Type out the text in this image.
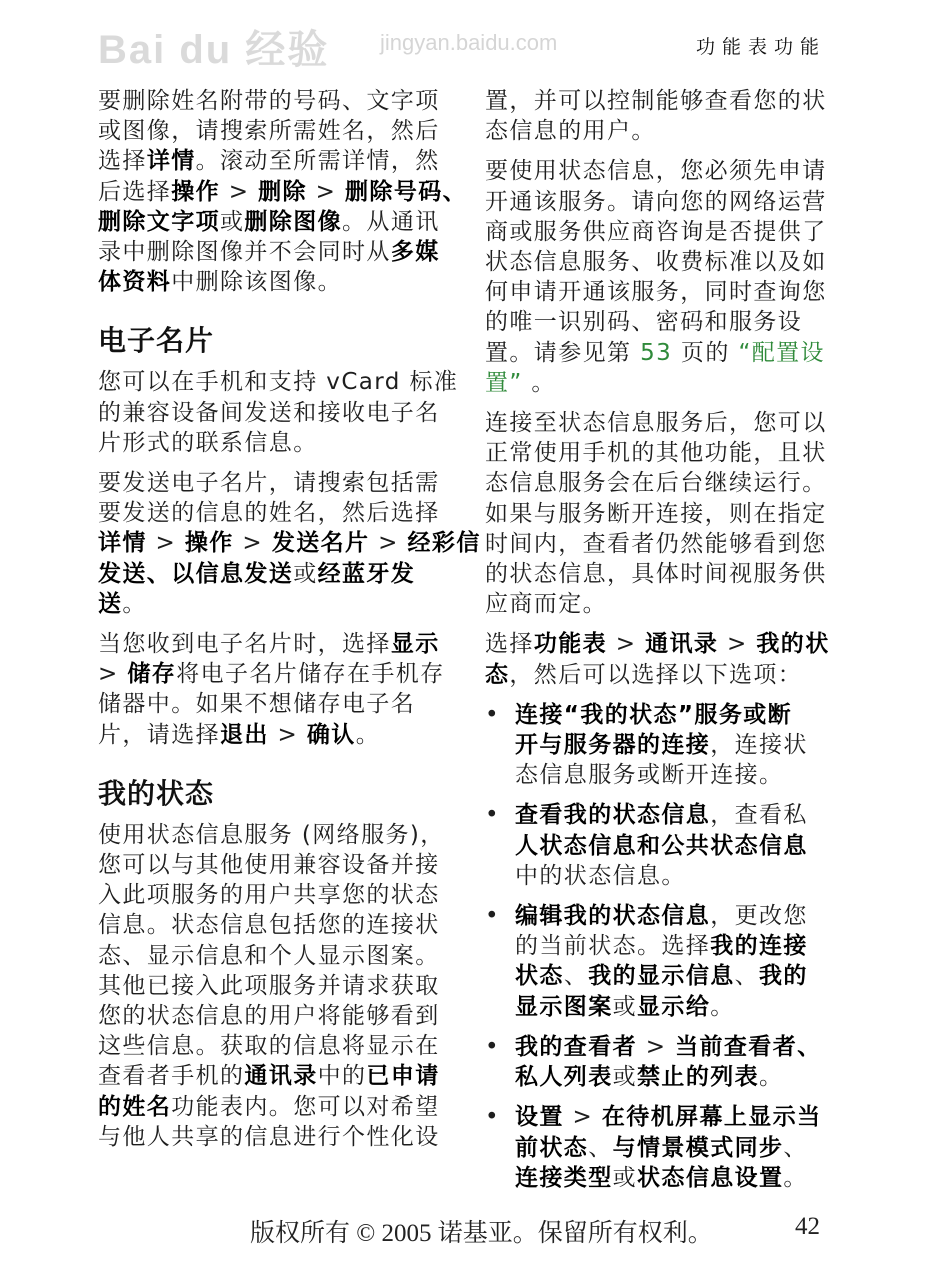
功能表功能
要删除姓名附带的号码、文字项
或图像，请搜索所需姓名，然后
选择详情。滚动至所需详情，然
后选择操作 > 删除 > 删除号码、
删除文字项或删除图像。从通讯
录中删除图像并不会同时从多媒
体资料中删除该图像。
电子名片
您可以在手机和支持 vCard 标准
的兼容设备间发送和接收电子名
片形式的联系信息。
要发送电子名片，请搜索包括需
要发送的信息的姓名，然后选择
详情 > 操作 > 发送名片 > 经彩信
发送、以信息发送或经蓝牙发
送。
当您收到电子名片时，选择显示
> 储存将电子名片储存在手机存
储器中。如果不想储存电子名
片，请选择退出 > 确认。
我的状态
使用状态信息服务 (网络服务)，
您可以与其他使用兼容设备并接
入此项服务的用户共享您的状态
信息。状态信息包括您的连接状
态、显示信息和个人显示图案。
其他已接入此项服务并请求获取
您的状态信息的用户将能够看到
这些信息。获取的信息将显示在
查看者手机的通讯录中的已申请
的姓名功能表内。您可以对希望
与他人共享的信息进行个性化设
置，并可以控制能够查看您的状
态信息的用户。
要使用状态信息，您必须先申请
开通该服务。请向您的网络运营
商或服务供应商咨询是否提供了
状态信息服务、收费标准以及如
何申请开通该服务，同时查询您
的唯一识别码、密码和服务设
置。请参见第 53 页的 “配置设
置” 。
连接至状态信息服务后，您可以
正常使用手机的其他功能，且状
态信息服务会在后台继续运行。
如果与服务断开连接，则在指定
时间内，查看者仍然能够看到您
的状态信息，具体时间视服务供
应商而定。
选择功能表 > 通讯录 > 我的状
态，然后可以选择以下选项：
• 连接“我的状态”服务或断
开与服务器的连接，连接状
态信息服务或断开连接。
• 查看我的状态信息，查看私
人状态信息和公共状态信息
中的状态信息。
• 编辑我的状态信息，更改您
的当前状态。选择我的连接
状态、我的显示信息、我的
显示图案或显示给。
• 我的查看者 > 当前查看者、
私人列表或禁止的列表。
• 设置 > 在待机屏幕上显示当
前状态、与情景模式同步、
连接类型或状态信息设置。
Bai du 经验 jingyan.baidu.com
版权所有 © 2005 诺基亚。保留所有权利。	42
